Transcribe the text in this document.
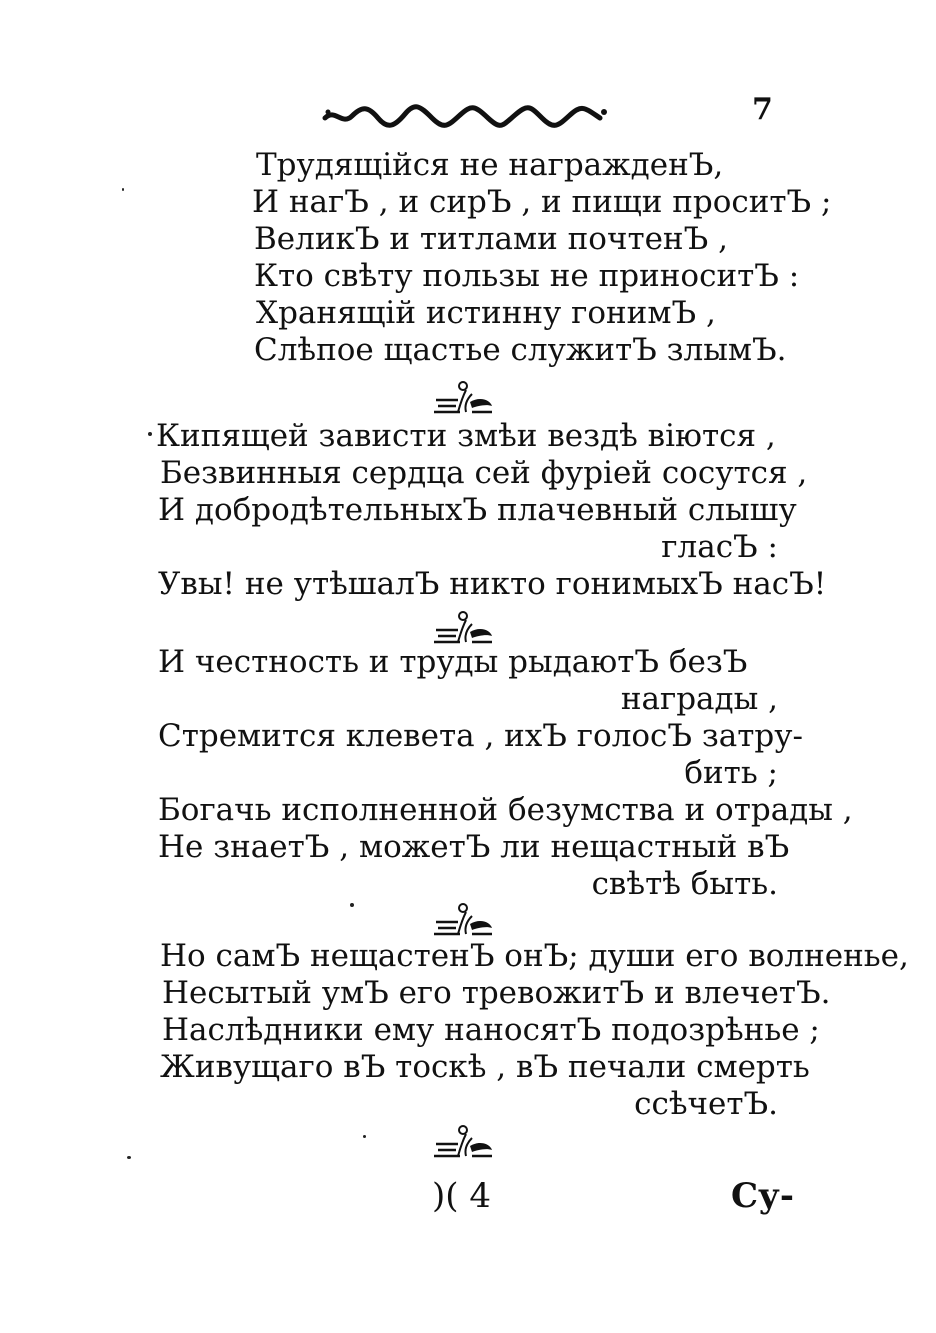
7
Трудящійся не награжденЪ,
И нагЪ , и сирЪ , и пищи проситЪ ;
ВеликЪ и титлами почтенЪ ,
Кто свѣту пользы не приноситЪ :
Хранящій истинну гонимЪ ,
Слѣпое щастье служитЪ злымЪ.
Кипящей зависти змѣи вездѣ віются ,
Безвинныя сердца сей фуріей сосутся ,
И добродѣтельныхЪ плачевный слышу
гласЪ :
Увы! не утѣшалЪ никто гонимыхЪ насЪ!
И честность и труды рыдаютЪ безЪ
награды ,
Стремится клевета , ихЪ голосЪ затру-
бить ;
Богачь исполненной безумства и отрады ,
Не знаетЪ , можетЪ ли нещастный вЪ
свѣтѣ быть.
Но самЪ нещастенЪ онЪ; души его волненье,
Несытый умЪ его тревожитЪ и влечетЪ.
Наслѣдники ему наносятЪ подозрѣнье ;
Живущаго вЪ тоскѣ , вЪ печали смерть
ссѣчетЪ.
)( 4	Су-
